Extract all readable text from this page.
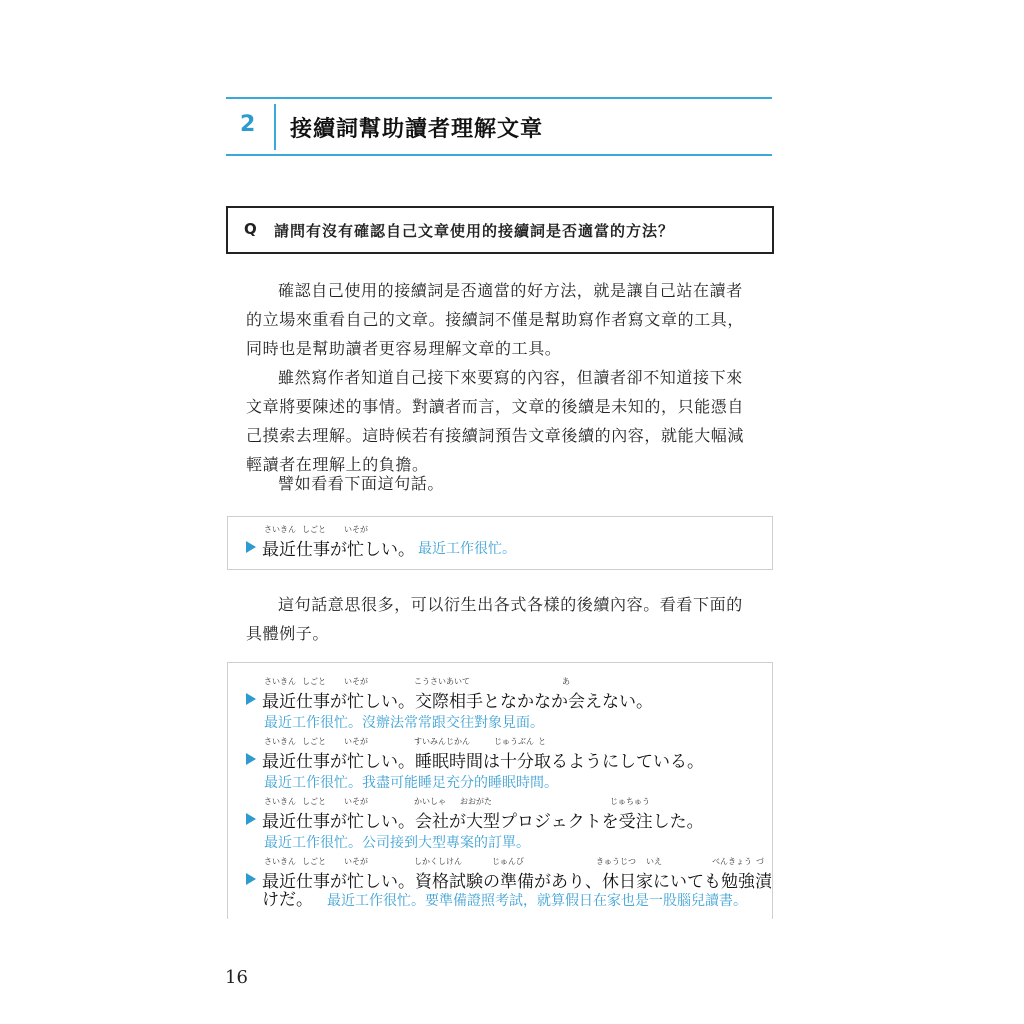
2 接續詞幫助讀者理解文章
Q 請問有沒有確認自己文章使用的接續詞是否適當的方法？

確認自己使用的接續詞是否適當的好方法，就是讓自己站在讀者的立場來重看自己的文章。接續詞不僅是幫助寫作者寫文章的工具，同時也是幫助讀者更容易理解文章的工具。

雖然寫作者知道自己接下來要寫的內容，但讀者卻不知道接下來文章將要陳述的事情。對讀者而言，文章的後續是未知的，只能憑自己摸索去理解。這時候若有接續詞預告文章後續的內容，就能大幅減輕讀者在理解上的負擔。

譬如看看下面這句話。

さいきん しごと いそが
最近仕事が忙しい。 最近工作很忙。

這句話意思很多，可以衍生出各式各樣的後續內容。看看下面的具體例子。

さいきん しごと いそが	こうさいあいて	あ
最近仕事が忙しい。交際相手となかなか会えない。
最近工作很忙。沒辦法常常跟交往對象見面。
さいきん しごと いそが	すいみんじかん	じゅうぶん と
最近仕事が忙しい。睡眠時間は十分取るようにしている。
最近工作很忙。我盡可能睡足充分的睡眠時間。
さいきん しごと いそが	かいしゃ おおがた	じゅちゅう
最近仕事が忙しい。会社が大型プロジェクトを受注した。
最近工作很忙。公司接到大型專案的訂單。
さいきん しごと いそが	しかくしけん	じゅんび	きゅうじつ いえ	べんきょう づ
最近仕事が忙しい。資格試験の準備があり、休日家にいても勉強漬
けだ。 最近工作很忙。要準備證照考試，就算假日在家也是一股腦兒讀書。
16
